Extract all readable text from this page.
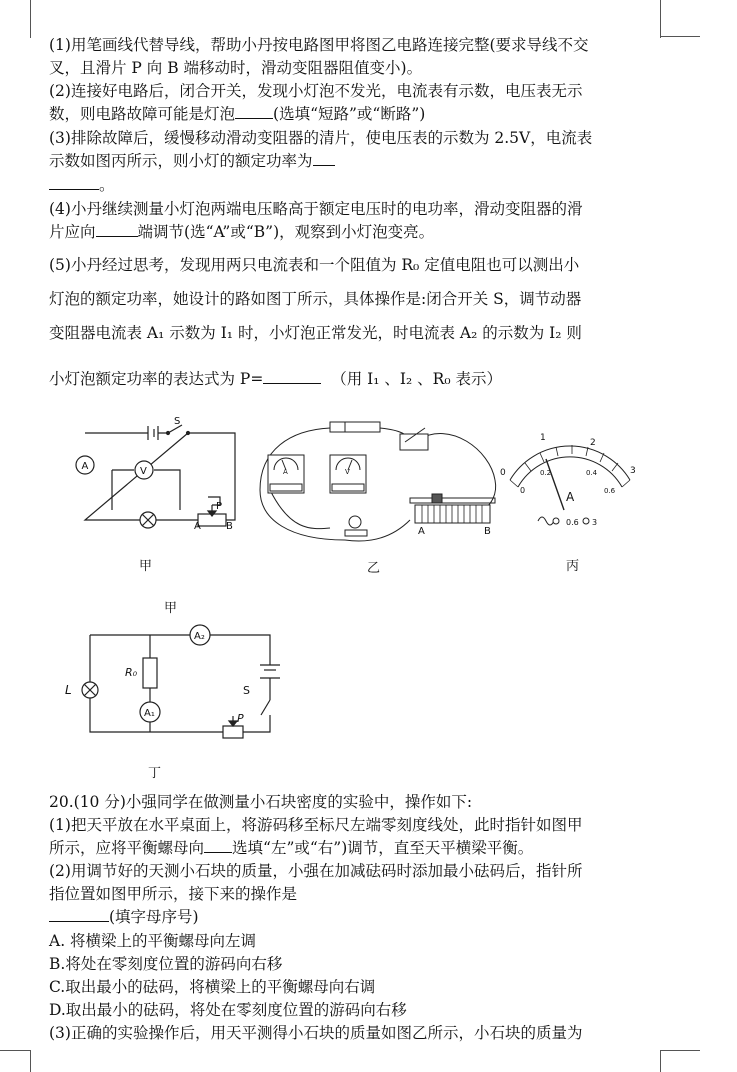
(1)用笔画线代替导线，帮助小丹按电路图甲将图乙电路连接完整(要求导线不交
叉，且滑片 P 向 B 端移动时，滑动变阻器阻值变小)。
(2)连接好电路后，闭合开关，发现小灯泡不发光，电流表有示数，电压表无示
数，则电路故障可能是灯泡 (选填“短路”或“断路”)
(3)排除故障后，缓慢移动滑动变阻器的清片，使电压表的示数为 2.5V，电流表
示数如图丙所示，则小灯的额定功率为
。
(4)小丹继续测量小灯泡两端电压略高于额定电压时的电功率，滑动变阻器的滑
片应向	端调节(选“A”或“B”)，观察到小灯泡变亮。
(5)小丹经过思考，发现用两只电流表和一个阻值为 R₀ 定值电阻也可以测出小
灯泡的额定功率，她设计的路如图丁所示，具体操作是:闭合开关 S，调节动器
变阻器电流表 A₁ 示数为 I₁ 时，小灯泡正常发光，时电流表 A₂ 的示数为 I₂ 则
小灯泡额定功率的表达式为 P=	（用 I₁ 、I₂ 、R₀ 表示）
S
A	V
P
A	B
A	V
A	B
1	2
0	3
0
0.2	0.4
0.6
A
0.6 3
甲	乙	丙
甲
A₂
L
R₀
A₁
S
P
丁
20.(10 分)小强同学在做测量小石块密度的实验中，操作如下:
(1)把天平放在水平桌面上，将游码移至标尺左端零刻度线处，此时指针如图甲
所示，应将平衡螺母向 选填“左”或“右”)调节，直至天平横梁平衡。
(2)用调节好的天测小石块的质量，小强在加减砝码时添加最小砝码后，指针所
指位置如图甲所示，接下来的操作是
(填字母序号)
A. 将横梁上的平衡螺母向左调
B.将处在零刻度位置的游码向右移
C.取出最小的砝码，将横梁上的平衡螺母向右调
D.取出最小的砝码，将处在零刻度位置的游码向右移
(3)正确的实验操作后，用天平测得小石块的质量如图乙所示，小石块的质量为
